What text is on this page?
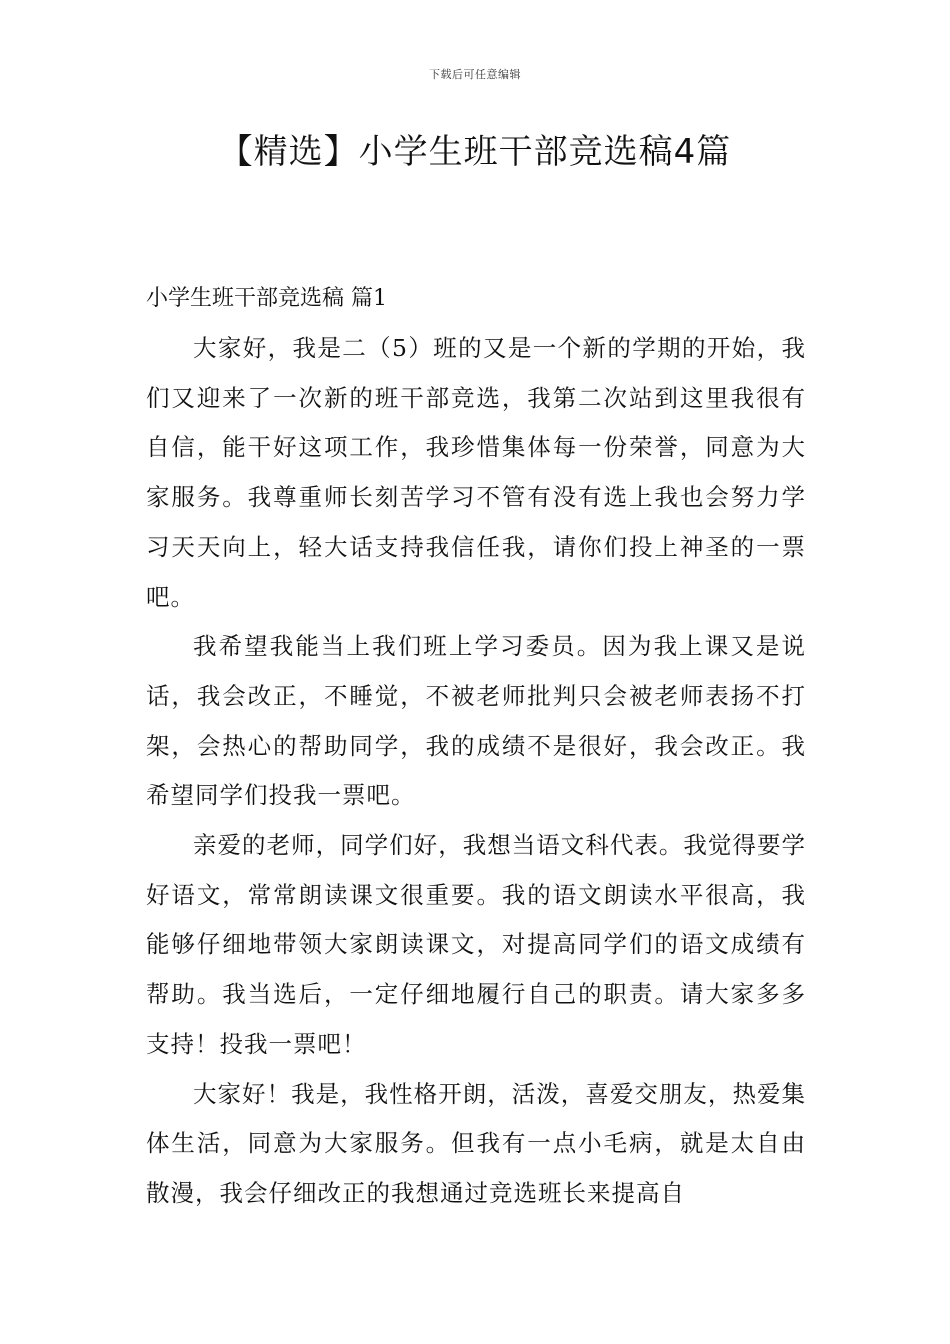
下载后可任意编辑
【精选】小学生班干部竞选稿4篇
小学生班干部竞选稿 篇1

大家好，我是二（5）班的又是一个新的学期的开始，我们又迎来了一次新的班干部竞选，我第二次站到这里我很有自信，能干好这项工作，我珍惜集体每一份荣誉，同意为大家服务。我尊重师长刻苦学习不管有没有选上我也会努力学习天天向上，轻大话支持我信任我，请你们投上神圣的一票吧。

我希望我能当上我们班上学习委员。因为我上课又是说话，我会改正，不睡觉，不被老师批判只会被老师表扬不打架，会热心的帮助同学，我的成绩不是很好，我会改正。我希望同学们投我一票吧。

亲爱的老师，同学们好，我想当语文科代表。我觉得要学好语文，常常朗读课文很重要。我的语文朗读水平很高，我能够仔细地带领大家朗读课文，对提高同学们的语文成绩有帮助。我当选后，一定仔细地履行自己的职责。请大家多多支持！投我一票吧！

大家好！我是，我性格开朗，活泼，喜爱交朋友，热爱集体生活，同意为大家服务。但我有一点小毛病，就是太自由散漫，我会仔细改正的我想通过竞选班长来提高自
